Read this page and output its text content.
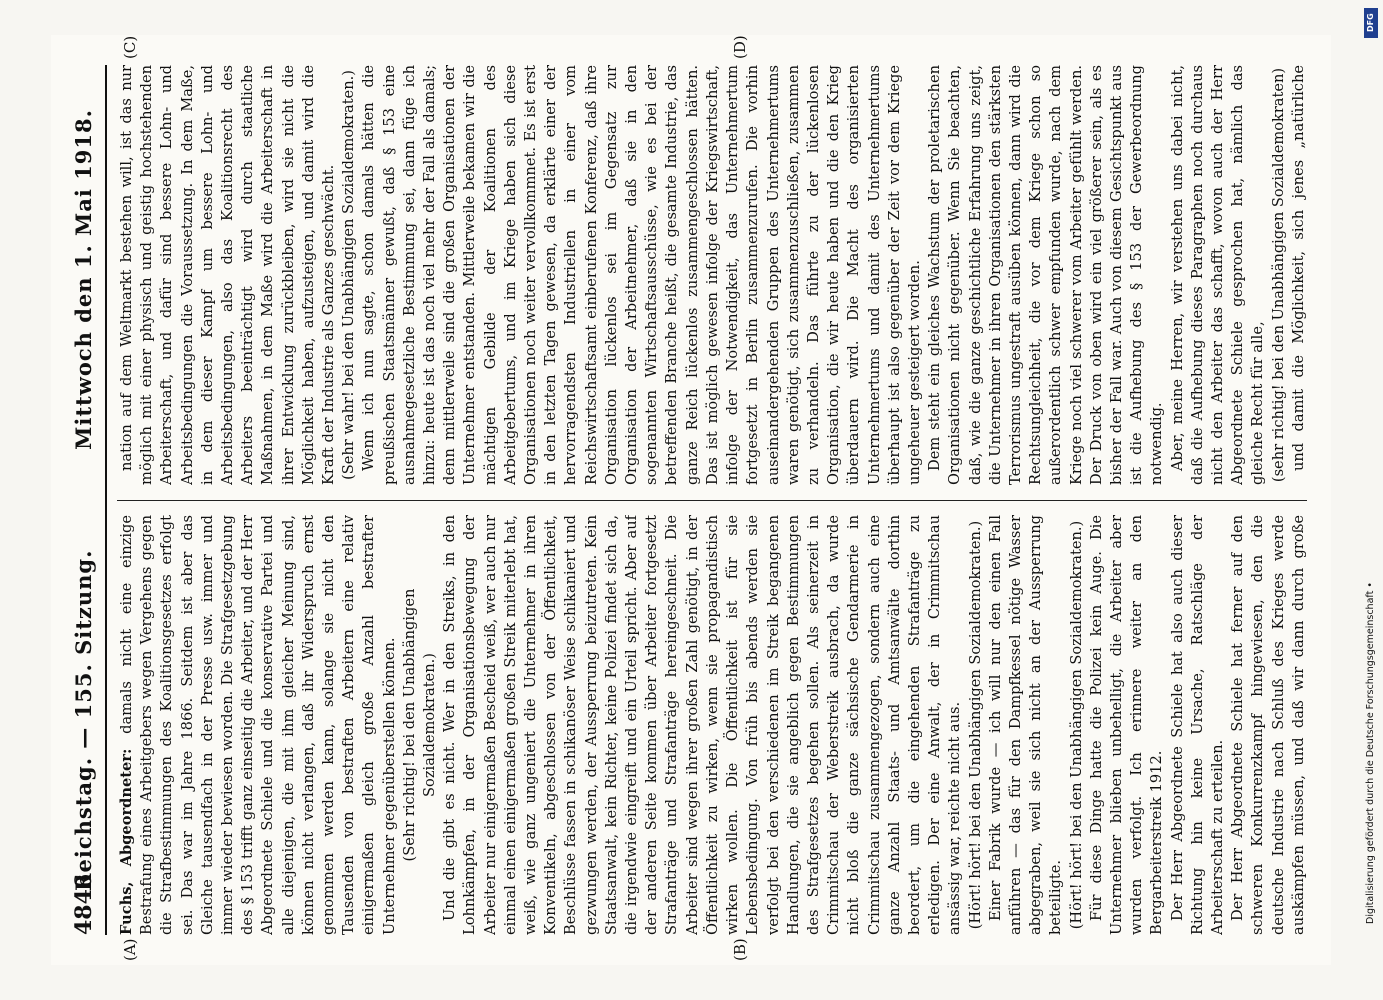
4846
Reichstag. — 155. Sitzung.            Mittwoch den 1. Mai 1918.
(A)	(B)
(C)	(D)

Fuchs, Abgeordneter: damals nicht eine einzige Bestrafung eines Arbeitgebers wegen Vergehens gegen die Strafbestimmungen des Koalitionsgesetzes erfolgt sei. Das war im Jahre 1866. Seitdem ist aber das Gleiche tausendfach in der Presse usw. immer und immer wieder bewiesen worden. Die Strafgesetzgebung des § 153 trifft ganz einseitig die Arbeiter, und der Herr Abgeordnete Schiele und die konservative Partei und alle diejenigen, die mit ihm gleicher Meinung sind, können nicht verlangen, daß ihr Widerspruch ernst genommen werden kann, solange sie nicht den Tausenden von bestraften Arbeitern eine relativ einigermaßen gleich große Anzahl bestrafter Unternehmer gegenüberstellen können. (Sehr richtig! bei den Unabhängigen Sozialdemokraten.) Und die gibt es nicht. Wer in den Streiks, in den Lohnkämpfen, in der Organisationsbewegung der Arbeiter nur einigermaßen Bescheid weiß, wer auch nur einmal einen einigermaßen großen Streik miterlebt hat, weiß, wie ganz ungeniert die Unternehmer in ihren Konventikeln, abgeschlossen von der Öffentlichkeit, Beschlüsse fassen in schikanöser Weise schikaniert und gezwungen werden, der Aussperrung beizutreten. Kein Staatsanwalt, kein Richter, keine Polizei findet sich da, die irgendwie eingreift und ein Urteil spricht. Aber auf der anderen Seite kommen über Arbeiter fortgesetzt Strafanträge und Strafanträge hereingeschneit. Die Arbeiter sind wegen ihrer großen Zahl genötigt, in der Öffentlichkeit zu wirken, wenn sie propagandistisch wirken wollen. Die Öffentlichkeit ist für sie Lebensbedingung. Von früh bis abends werden sie verfolgt bei den verschiedenen im Streik begangenen Handlungen, die sie angeblich gegen Bestimmungen des Strafgesetzes begehen sollen. Als seinerzeit in Crimmitschau der Weberstreik ausbrach, da wurde nicht bloß die ganze sächsische Gendarmerie in Crimmitschau zusammengezogen, sondern auch eine ganze Anzahl Staats- und Amtsanwälte dorthin beordert, um die eingehenden Strafanträge zu erledigen. Der eine Anwalt, der in Crimmitschau ansässig war, reichte nicht aus. (Hört! hört! bei den Unabhängigen Sozialdemokraten.) Einer Fabrik wurde — ich will nur den einen Fall anführen — das für den Dampfkessel nötige Wasser abgegraben, weil sie sich nicht an der Aussperrung beteiligte. (Hört! hört! bei den Unabhängigen Sozialdemokraten.) Für diese Dinge hatte die Polizei kein Auge. Die Unternehmer blieben unbehelligt, die Arbeiter aber wurden verfolgt. Ich erinnere weiter an den Bergarbeiterstreik 1912. Der Herr Abgeordnete Schiele hat also auch dieser Richtung hin keine Ursache, Ratschläge der Arbeiterschaft zu erteilen. Der Herr Abgeordnete Schiele hat ferner auf den schweren Konkurrenzkampf hingewiesen, den die deutsche Industrie nach Schluß des Krieges werde auskämpfen müssen, und daß wir dann durch große

nation auf dem Weltmarkt bestehen will, ist das nur möglich mit einer physisch und geistig hochstehenden Arbeiterschaft, und dafür sind bessere Lohn- und Arbeitsbedingungen die Voraussetzung. In dem Maße, in dem dieser Kampf um bessere Lohn- und Arbeitsbedingungen, also das Koalitionsrecht des Arbeiters beeinträchtigt wird durch staatliche Maßnahmen, in dem Maße wird die Arbeiterschaft in ihrer Entwicklung zurückbleiben, wird sie nicht die Möglichkeit haben, aufzusteigen, und damit wird die Kraft der Industrie als Ganzes geschwächt. (Sehr wahr! bei den Unabhängigen Sozialdemokraten.) Wenn ich nun sagte, schon damals hätten die preußischen Staatsmänner gewußt, daß § 153 eine ausnahmegesetzliche Bestimmung sei, dann füge ich hinzu: heute ist das noch viel mehr der Fall als damals; denn mittlerweile sind die großen Organisationen der Unternehmer entstanden. Mittlerweile bekamen wir die mächtigen Gebilde der Koalitionen des Arbeitgebertums, und im Kriege haben sich diese Organisationen noch weiter vervollkommnet. Es ist erst in den letzten Tagen gewesen, da erklärte einer der hervorragendsten Industriellen in einer vom Reichswirtschaftsamt einberufenen Konferenz, daß ihre Organisation lückenlos sei im Gegensatz zur Organisation der Arbeitnehmer, daß sie in den sogenannten Wirtschaftsausschüsse, wie es bei der betreffenden Branche heißt, die gesamte Industrie, das ganze Reich lückenlos zusammengeschlossen hätten. Das ist möglich gewesen infolge der Kriegswirtschaft, infolge der Notwendigkeit, das Unternehmertum fortgesetzt in Berlin zusammenzurufen. Die vorhin auseinandergehenden Gruppen des Unternehmertums waren genötigt, sich zusammenzuschließen, zusammen zu verhandeln. Das führte zu der lückenlosen Organisation, die wir heute haben und die den Krieg überdauern wird. Die Macht des organisierten Unternehmertums und damit des Unternehmertums überhaupt ist also gegenüber der Zeit vor dem Kriege ungeheuer gesteigert worden. Dem steht ein gleiches Wachstum der proletarischen Organisationen nicht gegenüber. Wenn Sie beachten, daß, wie die ganze geschichtliche Erfahrung uns zeigt, die Unternehmer in ihren Organisationen den stärksten Terrorismus ungestraft ausüben können, dann wird die Rechtsungleichheit, die vor dem Kriege schon so außerordentlich schwer empfunden wurde, nach dem Kriege noch viel schwerer vom Arbeiter gefühlt werden. Der Druck von oben wird ein viel größerer sein, als es bisher der Fall war. Auch von diesem Gesichtspunkt aus ist die Aufhebung des § 153 der Gewerbeordnung notwendig. Aber, meine Herren, wir verstehen uns dabei nicht, daß die Aufhebung dieses Paragraphen noch durchaus nicht den Arbeiter das schafft, wovon auch der Herr Abgeordnete Schiele gesprochen hat, nämlich das gleiche Recht für alle, (sehr richtig! bei den Unabhängigen Sozialdemokraten) und damit die Möglichkeit, sich jenes „natürliche

DFG
Digitalisierung gefördert durch die Deutsche Forschungsgemeinschaft •
